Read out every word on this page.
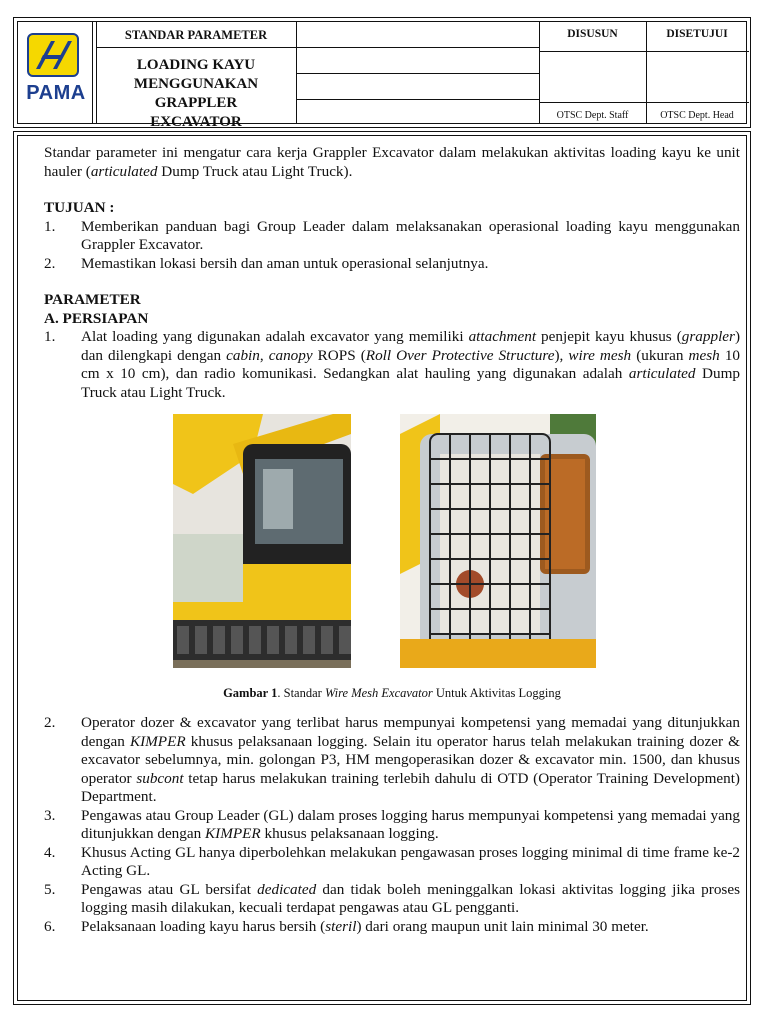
PAMA
STANDAR PARAMETER
LOADING KAYU
MENGGUNAKAN
GRAPPLER
EXCAVATOR
DISUSUN	DISETUJUI
OTSC Dept. Staff	OTSC Dept. Head

Standar parameter ini mengatur cara kerja Grappler Excavator dalam melakukan aktivitas loading kayu ke unit hauler (articulated Dump Truck atau Light Truck).

TUJUAN :

1. Memberikan panduan bagi Group Leader dalam melaksanakan operasional loading kayu menggunakan Grappler Excavator.
2. Memastikan lokasi bersih dan aman untuk operasional selanjutnya.

PARAMETER

A. PERSIAPAN

1. Alat loading yang digunakan adalah excavator yang memiliki attachment penjepit kayu khusus (grappler) dan dilengkapi dengan cabin, canopy ROPS (Roll Over Protective Structure), wire mesh (ukuran mesh 10 cm x 10 cm), dan radio komunikasi. Sedangkan alat hauling yang digunakan adalah articulated Dump Truck atau Light Truck.
Gambar 1. Standar Wire Mesh Excavator Untuk Aktivitas Logging
2. Operator dozer & excavator yang terlibat harus mempunyai kompetensi yang memadai yang ditunjukkan dengan KIMPER khusus pelaksanaan logging. Selain itu operator harus telah melakukan training dozer & excavator sebelumnya, min. golongan P3, HM mengoperasikan dozer & excavator min. 1500, dan khusus operator subcont tetap harus melakukan training terlebih dahulu di OTD (Operator Training Development) Department.
3. Pengawas atau Group Leader (GL) dalam proses logging harus mempunyai kompetensi yang memadai yang ditunjukkan dengan KIMPER khusus pelaksanaan logging.
4. Khusus Acting GL hanya diperbolehkan melakukan pengawasan proses logging minimal di time frame ke-2 Acting GL.
5. Pengawas atau GL bersifat dedicated dan tidak boleh meninggalkan lokasi aktivitas logging jika proses logging masih dilakukan, kecuali terdapat pengawas atau GL pengganti.
6. Pelaksanaan loading kayu harus bersih (steril) dari orang maupun unit lain minimal 30 meter.
